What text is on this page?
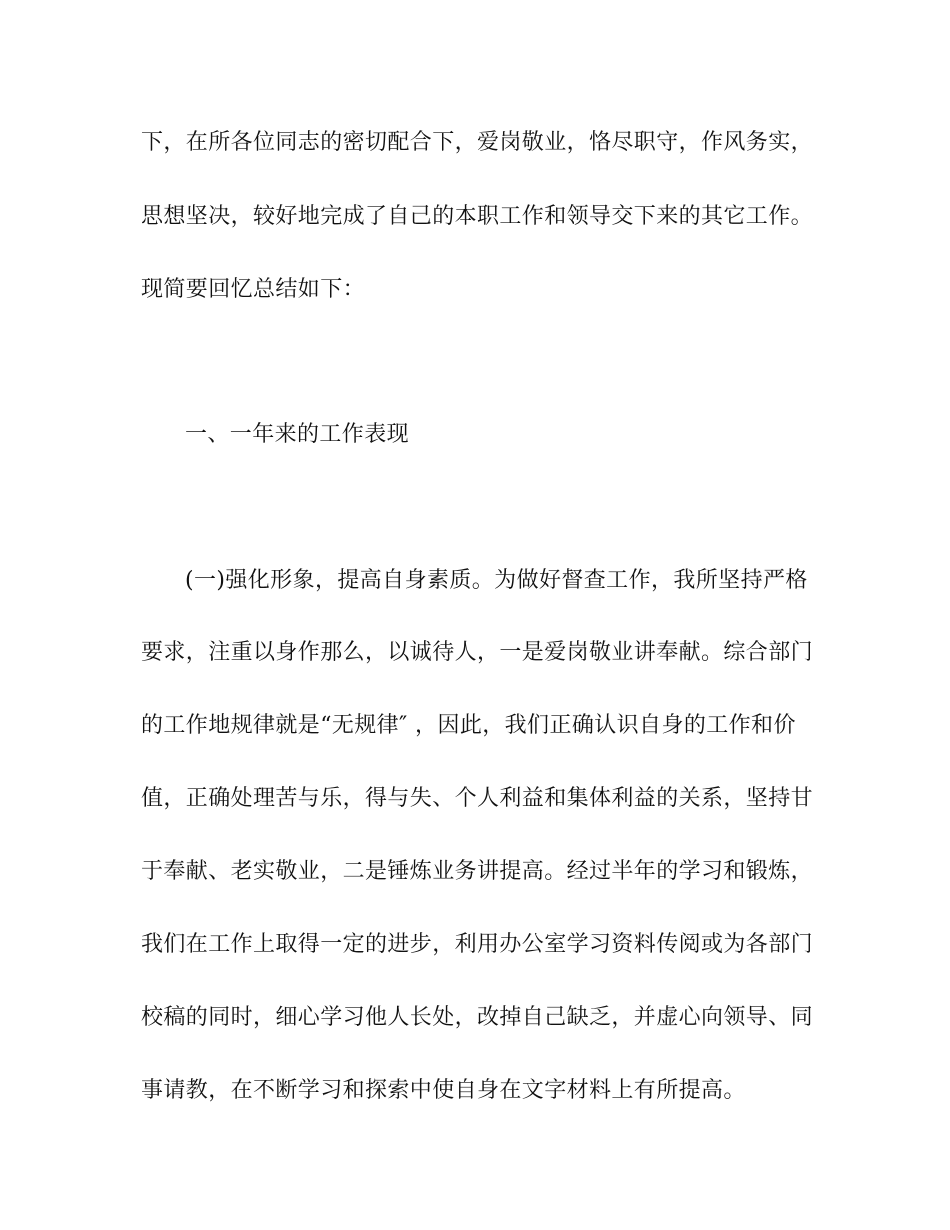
下，在所各位同志的密切配合下，爱岗敬业，恪尽职守，作风务实，
思想坚决，较好地完成了自己的本职工作和领导交下来的其它工作。
现简要回忆总结如下：
一、一年来的工作表现
(一)强化形象，提高自身素质。为做好督查工作，我所坚持严格
要求，注重以身作那么，以诚待人，一是爱岗敬业讲奉献。综合部门
的工作地规律就是“无规律″ ，因此，我们正确认识自身的工作和价
值，正确处理苦与乐，得与失、个人利益和集体利益的关系，坚持甘
于奉献、老实敬业，二是锤炼业务讲提高。经过半年的学习和锻炼，
我们在工作上取得一定的进步，利用办公室学习资料传阅或为各部门
校稿的同时，细心学习他人长处，改掉自己缺乏，并虚心向领导、同
事请教，在不断学习和探索中使自身在文字材料上有所提高。
